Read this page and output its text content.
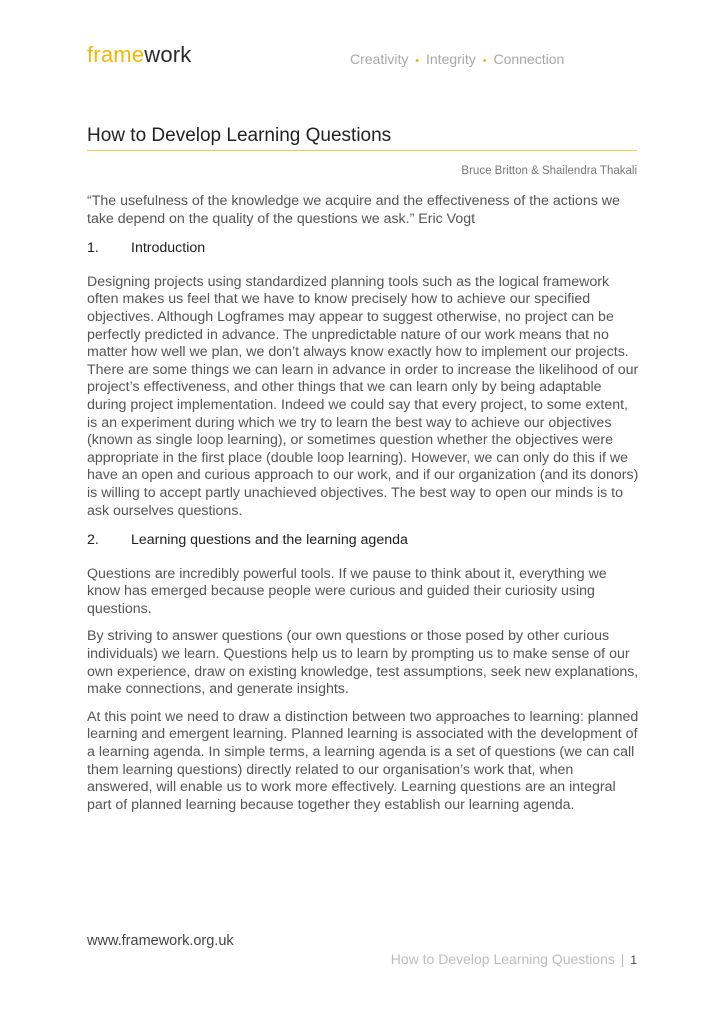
framework	Creativity • Integrity • Connection
How to Develop Learning Questions
Bruce Britton & Shailendra Thakali

“The usefulness of the knowledge we acquire and the effectiveness of the actions we take depend on the quality of the questions we ask.” Eric Vogt

1. Introduction

Designing projects using standardized planning tools such as the logical framework often makes us feel that we have to know precisely how to achieve our specified objectives. Although Logframes may appear to suggest otherwise, no project can be perfectly predicted in advance. The unpredictable nature of our work means that no matter how well we plan, we don’t always know exactly how to implement our projects. There are some things we can learn in advance in order to increase the likelihood of our project’s effectiveness, and other things that we can learn only by being adaptable during project implementation. Indeed we could say that every project, to some extent, is an experiment during which we try to learn the best way to achieve our objectives (known as single loop learning), or sometimes question whether the objectives were appropriate in the first place (double loop learning). However, we can only do this if we have an open and curious approach to our work, and if our organization (and its donors) is willing to accept partly unachieved objectives. The best way to open our minds is to ask ourselves questions.

2. Learning questions and the learning agenda

Questions are incredibly powerful tools. If we pause to think about it, everything we know has emerged because people were curious and guided their curiosity using questions.

By striving to answer questions (our own questions or those posed by other curious individuals) we learn. Questions help us to learn by prompting us to make sense of our own experience, draw on existing knowledge, test assumptions, seek new explanations, make connections, and generate insights.

At this point we need to draw a distinction between two approaches to learning: planned learning and emergent learning. Planned learning is associated with the development of a learning agenda. In simple terms, a learning agenda is a set of questions (we can call them learning questions) directly related to our organisation’s work that, when answered, will enable us to work more effectively. Learning questions are an integral part of planned learning because together they establish our learning agenda.

www.framework.org.uk
How to Develop Learning Questions | 1
